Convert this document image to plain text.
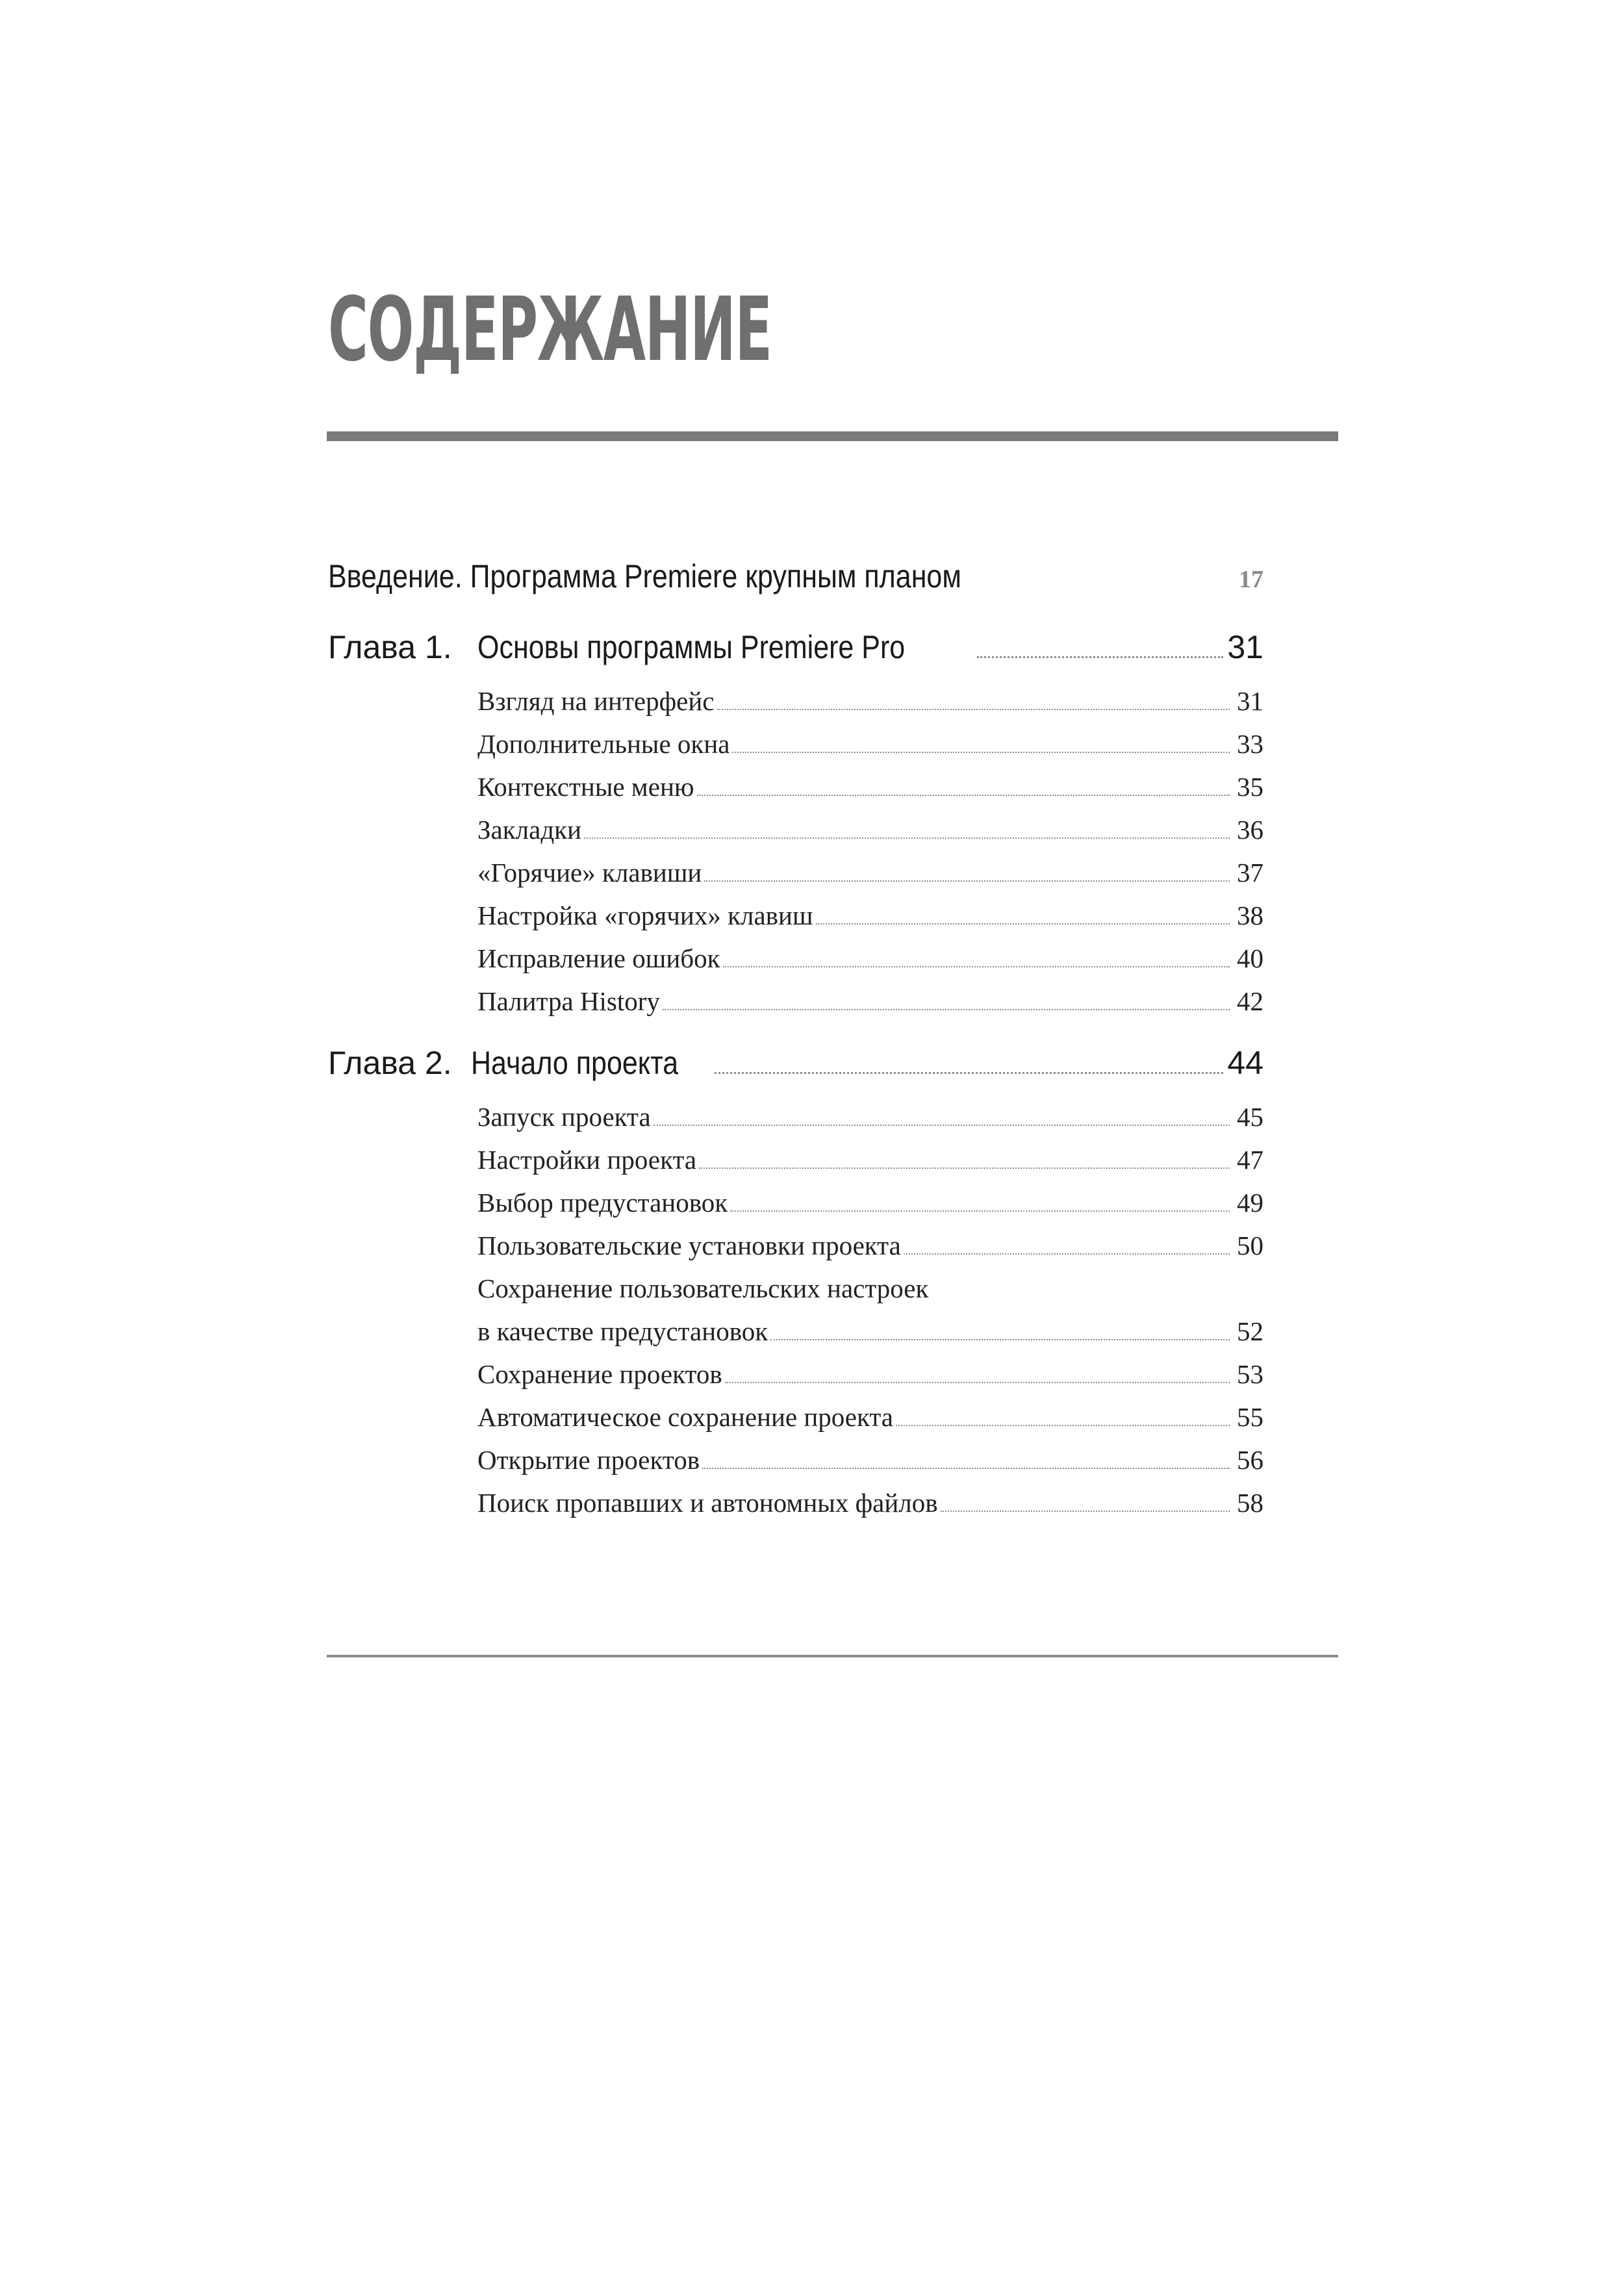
СОДЕРЖАНИЕ
Введение. Программа Premiere крупным планом	17
Глава 1. Основы программы Premiere Pro	31
Взгляд на интерфейс	31
Дополнительные окна	33
Контекстные меню	35
Закладки	36
«Горячие» клавиши	37
Настройка «горячих» клавиш	38
Исправление ошибок	40
Палитра History	42
Глава 2. Начало проекта	44
Запуск проекта	45
Настройки проекта	47
Выбор предустановок	49
Пользовательские установки проекта	50
Сохранение пользовательских настроек
в качестве предустановок	52
Сохранение проектов	53
Автоматическое сохранение проекта	55
Открытие проектов	56
Поиск пропавших и автономных файлов	58
